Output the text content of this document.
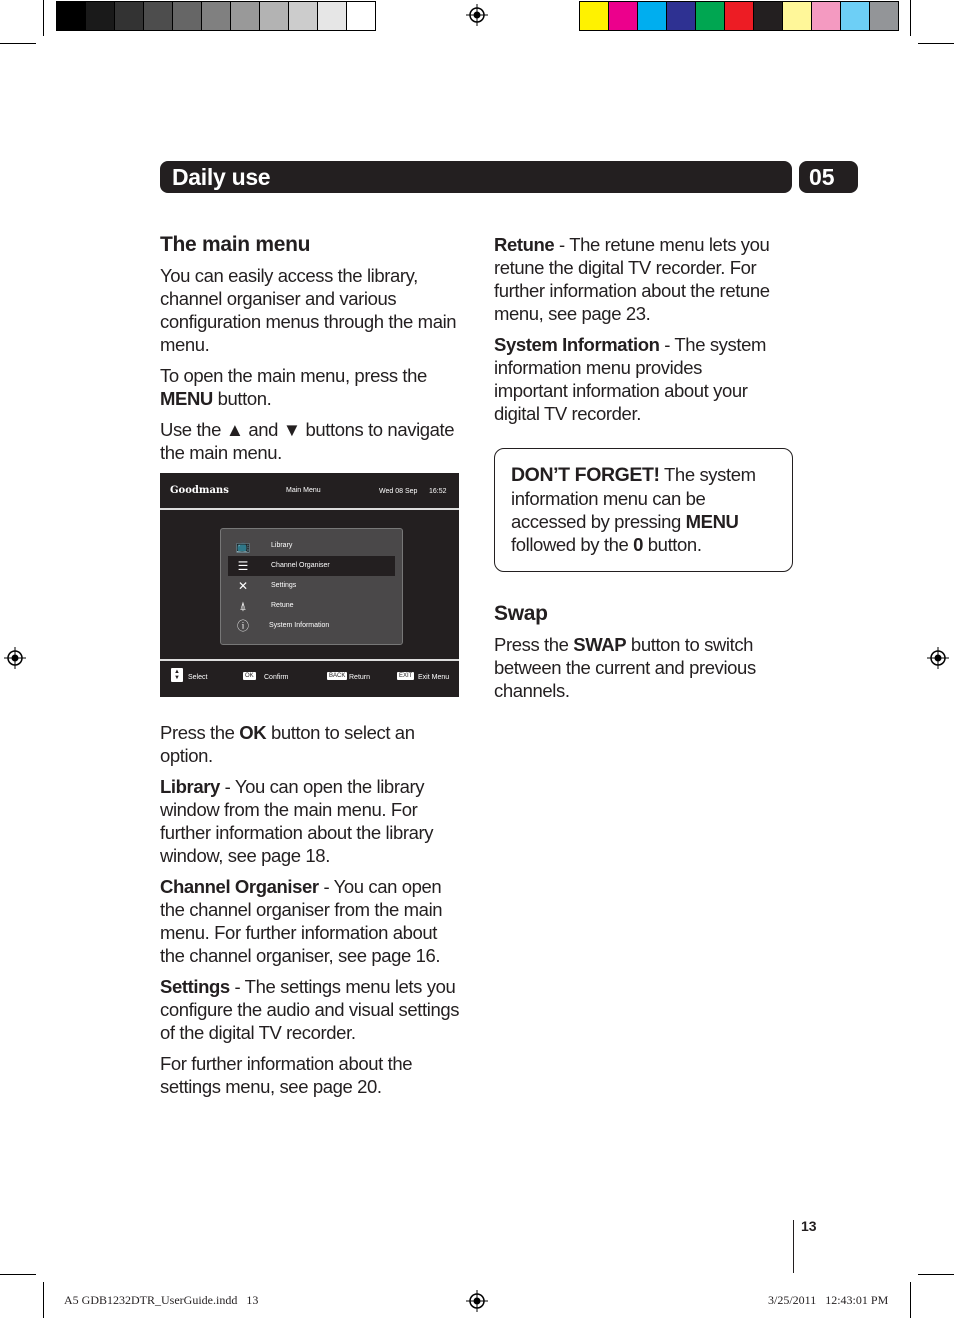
Daily use	05

The main menu

You can easily access the library, channel organiser and various configuration menus through the main menu.

To open the main menu, press the MENU button.

Use the ▲ and ▼ buttons to navigate the main menu.

Goodmans	Main Menu	Wed 08 Sep 16:52
📺	Library
☰	Channel Organiser
✕	Settings
⍋	Retune
ⓘ	System Information
▲
▼	Select	OK Confirm	BACK Return	EXIT Exit Menu

Press the OK button to select an option.

Library - You can open the library window from the main menu. For further information about the library window, see page 18.

Channel Organiser - You can open the channel organiser from the main menu. For further information about the channel organiser, see page 16.

Settings - The settings menu lets you configure the audio and visual settings of the digital TV recorder.

For further information about the settings menu, see page 20.

Retune - The retune menu lets you retune the digital TV recorder. For further information about the retune menu, see page 23.

System Information - The system information menu provides important information about your digital TV recorder.

DON’T FORGET! The system information menu can be accessed by pressing MENU followed by the 0 button.

Swap

Press the SWAP button to switch between the current and previous channels.

13
A5 GDB1232DTR_UserGuide.indd   13	3/25/2011   12:43:01 PM
